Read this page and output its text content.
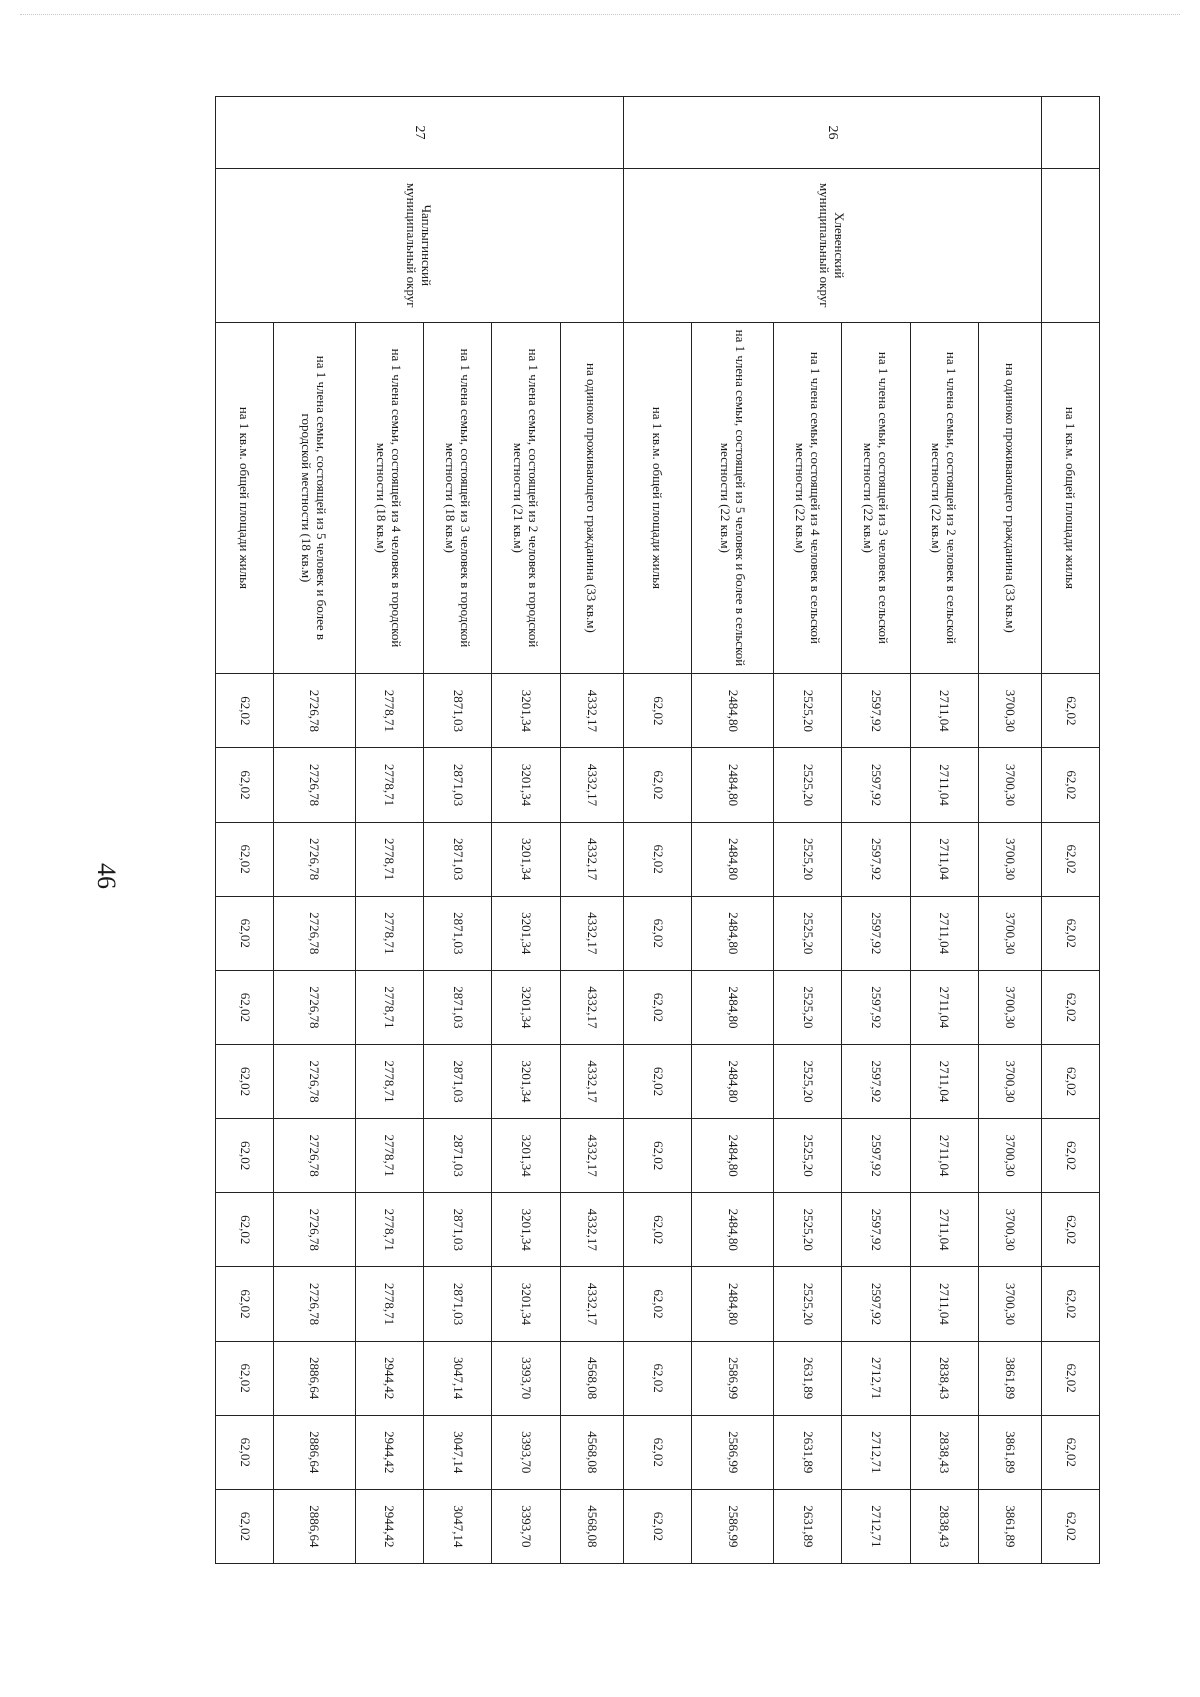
46
		на 1 кв.м. общей площади жилья	62,02	62,02	62,02	62,02	62,02	62,02	62,02	62,02	62,02	62,02	62,02	62,02
26	Хлевенский муниципальный округ	на одиноко проживающего гражданина (33 кв.м)	3700,30	3700,30	3700,30	3700,30	3700,30	3700,30	3700,30	3700,30	3700,30	3861,89	3861,89	3861,89
		на 1 члена семьи, состоящей из 2 человек в сельской местности (22 кв.м)	2711,04	2711,04	2711,04	2711,04	2711,04	2711,04	2711,04	2711,04	2711,04	2838,43	2838,43	2838,43
		на 1 члена семьи, состоящей из 3 человек в сельской местности (22 кв.м)	2597,92	2597,92	2597,92	2597,92	2597,92	2597,92	2597,92	2597,92	2597,92	2712,71	2712,71	2712,71
		на 1 члена семьи, состоящей из 4 человек в сельской местности (22 кв.м)	2525,20	2525,20	2525,20	2525,20	2525,20	2525,20	2525,20	2525,20	2525,20	2631,89	2631,89	2631,89
		на 1 члена семьи, состоящей из 5 человек и более в сельской местности (22 кв.м)	2484,80	2484,80	2484,80	2484,80	2484,80	2484,80	2484,80	2484,80	2484,80	2586,99	2586,99	2586,99
		на 1 кв.м. общей площади жилья	62,02	62,02	62,02	62,02	62,02	62,02	62,02	62,02	62,02	62,02	62,02	62,02
27	Чаплыгинский муниципальный округ	на одиноко проживающего гражданина (33 кв.м)	4332,17	4332,17	4332,17	4332,17	4332,17	4332,17	4332,17	4332,17	4332,17	4568,08	4568,08	4568,08
		на 1 члена семьи, состоящей из 2 человек в городской местности (21 кв.м)	3201,34	3201,34	3201,34	3201,34	3201,34	3201,34	3201,34	3201,34	3201,34	3393,70	3393,70	3393,70
		на 1 члена семьи, состоящей из 3 человек в городской местности (18 кв.м)	2871,03	2871,03	2871,03	2871,03	2871,03	2871,03	2871,03	2871,03	2871,03	3047,14	3047,14	3047,14
		на 1 члена семьи, состоящей из 4 человек в городской местности (18 кв.м)	2778,71	2778,71	2778,71	2778,71	2778,71	2778,71	2778,71	2778,71	2778,71	2944,42	2944,42	2944,42
		на 1 члена семьи, состоящей из 5 человек и более в городской местности (18 кв.м)	2726,78	2726,78	2726,78	2726,78	2726,78	2726,78	2726,78	2726,78	2726,78	2886,64	2886,64	2886,64
		на 1 кв.м. общей площади жилья	62,02	62,02	62,02	62,02	62,02	62,02	62,02	62,02	62,02	62,02	62,02	62,02
